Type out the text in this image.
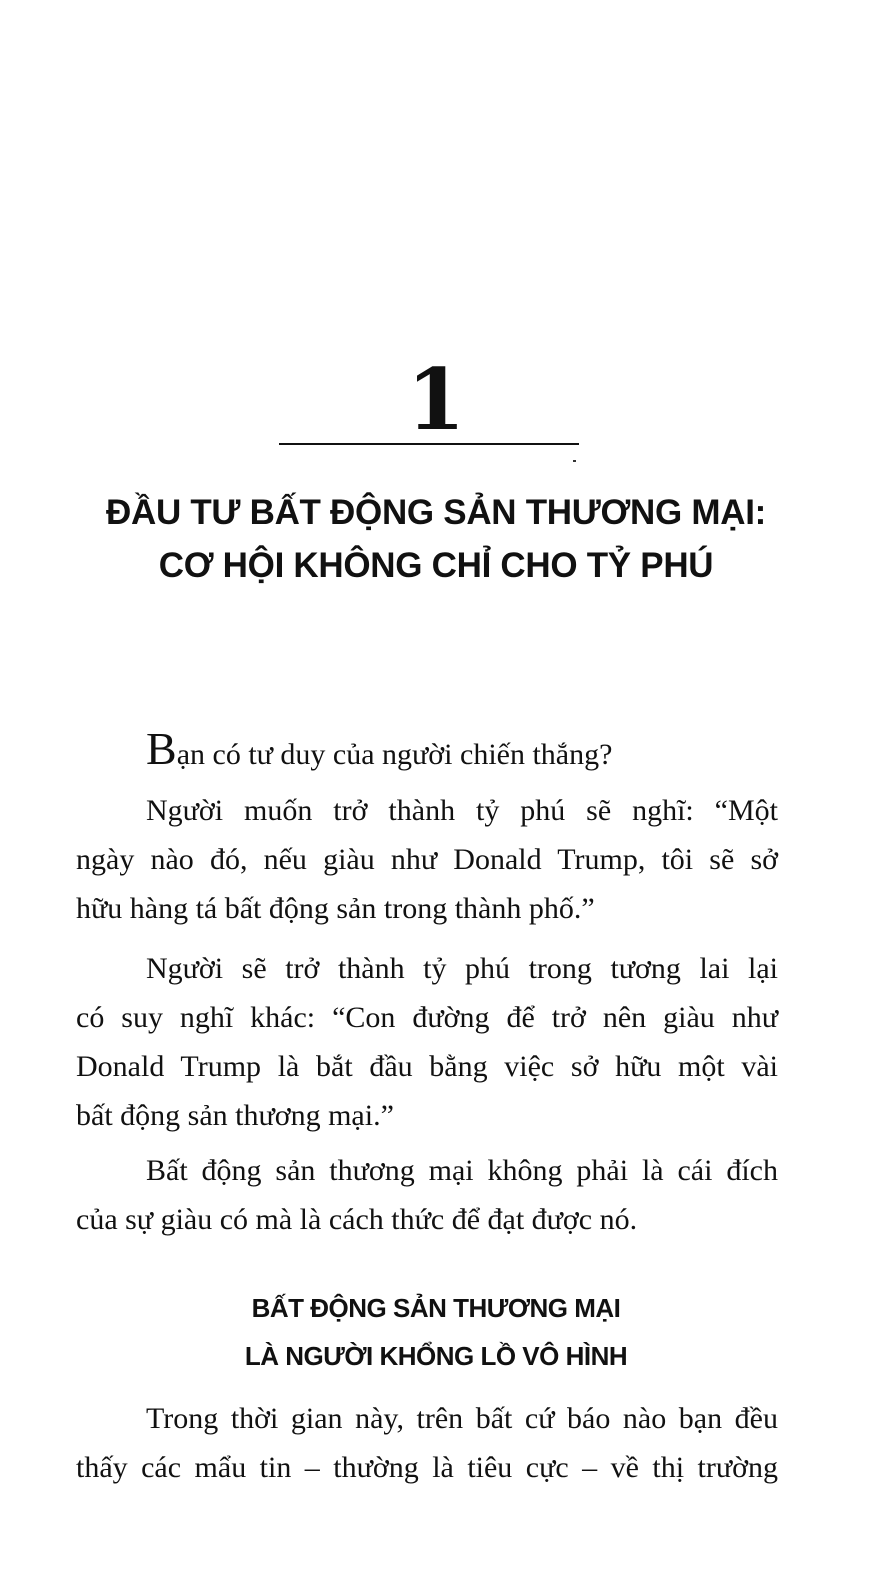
1
ĐẦU TƯ BẤT ĐỘNG SẢN THƯƠNG MẠI:
CƠ HỘI KHÔNG CHỈ CHO TỶ PHÚ

Bạn có tư duy của người chiến thắng?

Người muốn trở thành tỷ phú sẽ nghĩ: “Một
ngày nào đó, nếu giàu như Donald Trump, tôi sẽ sở
hữu hàng tá bất động sản trong thành phố.”

Người sẽ trở thành tỷ phú trong tương lai lại
có suy nghĩ khác: “Con đường để trở nên giàu như
Donald Trump là bắt đầu bằng việc sở hữu một vài
bất động sản thương mại.”

Bất động sản thương mại không phải là cái đích
của sự giàu có mà là cách thức để đạt được nó.

BẤT ĐỘNG SẢN THƯƠNG MẠI
LÀ NGƯỜI KHỔNG LỒ VÔ HÌNH

Trong thời gian này, trên bất cứ báo nào bạn đều
thấy các mẩu tin – thường là tiêu cực – về thị trường
